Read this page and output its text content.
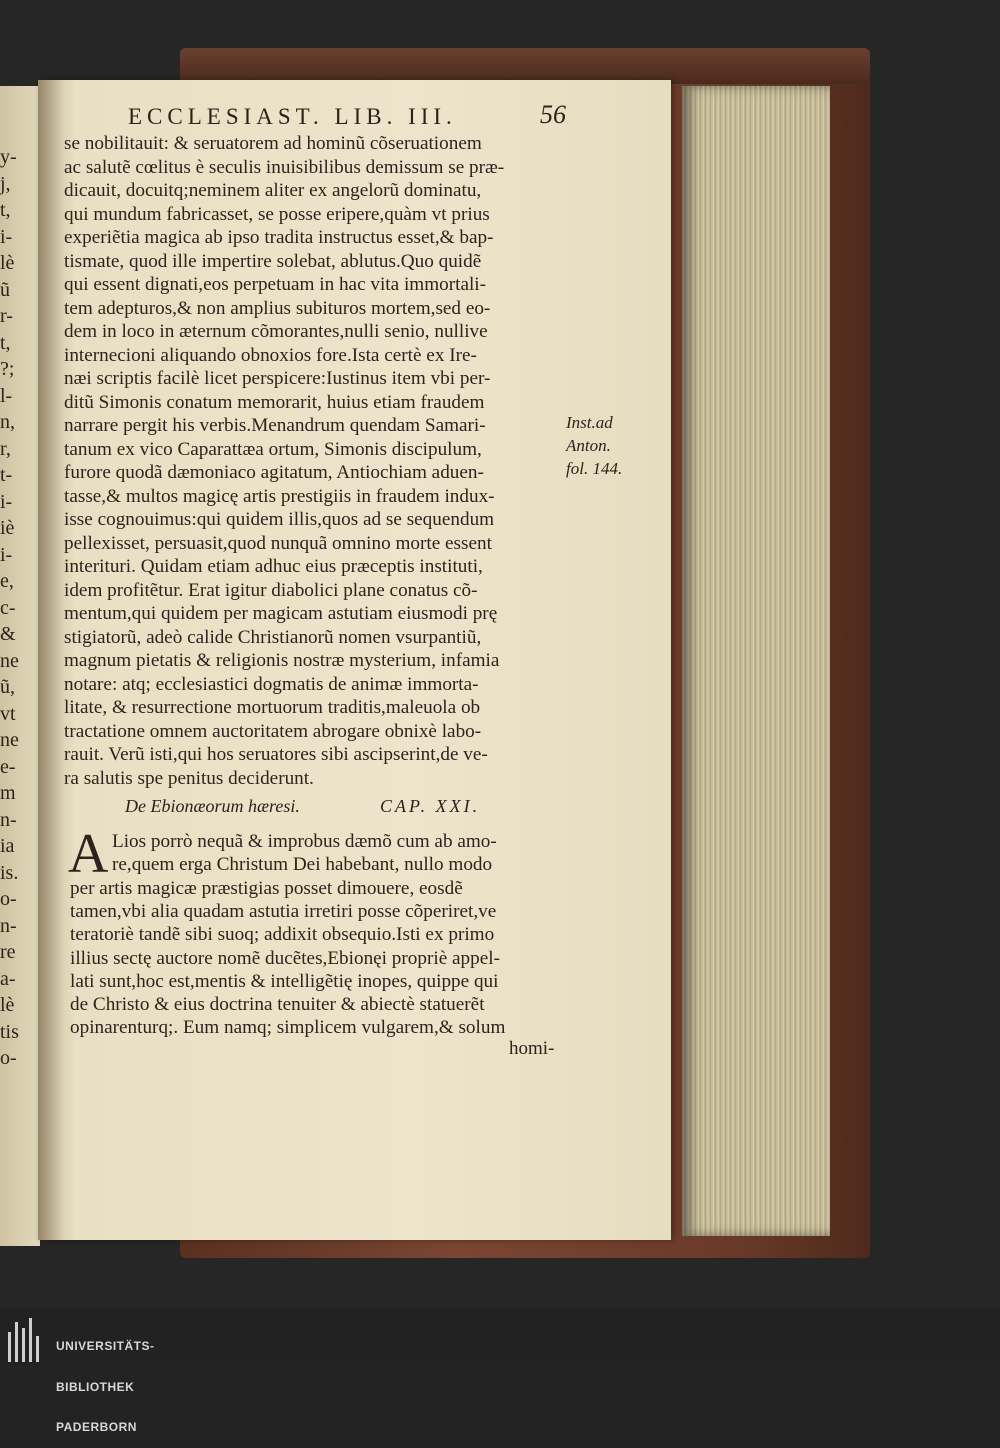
y-
j,
t,
i-
lè
ũ
r-
t,
?;
l-
n,
r,
t-
i-
iè
i-
e,
c-
&
ne
ũ,
vt
ne
e-
m
n-
ia
is.
o-
n-
re
a-
lè
tis
o-
ECCLESIAST. LIB. III.	56
se nobilitauit: & seruatorem ad hominũ cõseruationem
ac salutẽ cœlitus è seculis inuisibilibus demissum se præ-
dicauit, docuitq;neminem aliter ex angelorũ dominatu,
qui mundum fabricasset, se posse eripere,quàm vt prius
experiẽtia magica ab ipso tradita instructus esset,& bap-
tismate, quod ille impertire solebat, ablutus.Quo quidẽ
qui essent dignati,eos perpetuam in hac vita immortali-
tem adepturos,& non amplius subituros mortem,sed eo-
dem in loco in æternum cõmorantes,nulli senio, nullive
internecioni aliquando obnoxios fore.Ista certè ex Ire-
næi scriptis facilè licet perspicere:Iustinus item vbi per-
ditũ Simonis conatum memorarit, huius etiam fraudem
narrare pergit his verbis.Menandrum quendam Samari-
tanum ex vico Caparattæa ortum, Simonis discipulum,
furore quodã dæmoniaco agitatum, Antiochiam aduen-
tasse,& multos magicę artis prestigiis in fraudem indux-
isse cognouimus:qui quidem illis,quos ad se sequendum
pellexisset, persuasit,quod nunquã omnino morte essent
interituri. Quidam etiam adhuc eius præceptis instituti,
idem profitẽtur. Erat igitur diabolici plane conatus cõ-
mentum,qui quidem per magicam astutiam eiusmodi prę
stigiatorũ, adeò calide Christianorũ nomen vsurpantiũ,
magnum pietatis & religionis nostræ mysterium, infamia
notare: atq; ecclesiastici dogmatis de animæ immorta-
litate, & resurrectione mortuorum traditis,maleuola ob
tractatione omnem auctoritatem abrogare obnixè labo-
rauit. Verũ isti,qui hos seruatores sibi ascipserint,de ve-
ra salutis spe penitus deciderunt.
Inst.ad
Anton.
fol. 144.
De Ebionæorum hæresi.	CAP. XXI.
A Lios porrò nequã & improbus dæmõ cum ab amo-
re,quem erga Christum Dei habebant, nullo modo
per artis magicæ præstigias posset dimouere, eosdẽ
tamen,vbi alia quadam astutia irretiri posse cõperiret,ve
teratoriè tandẽ sibi suoq; addixit obsequio.Isti ex primo
illius sectę auctore nomẽ ducẽtes,Ebionęi propriè appel-
lati sunt,hoc est,mentis & intelligẽtię inopes, quippe qui
de Christo & eius doctrina tenuiter & abiectè statuerẽt
opinarenturq;. Eum namq; simplicem vulgarem,& solum
homi-

UNIVERSITÄTS-

BIBLIOTHEK

PADERBORN
